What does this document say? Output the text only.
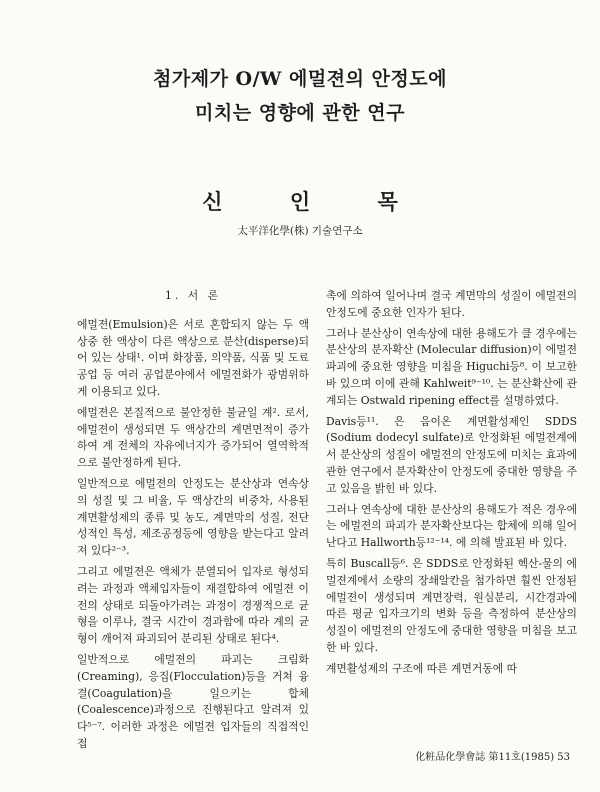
첨가제가 O/W 에멀젼의 안정도에
미치는 영향에 관한 연구
신 인 목
太平洋化學(株) 기술연구소

1. 서 론

에멀젼(Emulsion)은 서로 혼합되지 않는 두 액상중 한 액상이 다른 액상으로 분산(disperse)되어 있는 상태¹. 이며 화장품, 의약품, 식품 및 도료공업 등 여러 공업분야에서 에멀젼화가 광범위하게 이용되고 있다.

에멀젼은 본질적으로 불안정한 불균일 계². 로서, 에멀젼이 생성되면 두 액상간의 계면면적이 증가하여 계 전체의 자유에너지가 증가되어 열역학적으로 불안정하게 된다.

일반적으로 에멀젼의 안정도는 분산상과 연속상의 성질 및 그 비율, 두 액상간의 비중차, 사용된 계면활성제의 종류 및 농도, 계면막의 성질, 전단성적인 특성, 제조공정등에 영향을 받는다고 알려져 있다²⁻³.

그리고 에멀젼은 액체가 분열되어 입자로 형성되려는 과정과 액체입자들이 재결합하여 에멀젼 이전의 상태로 되돌아가려는 과정이 경쟁적으로 균형을 이루나, 결국 시간이 경과함에 따라 계의 균형이 깨어져 파괴되어 분리된 상태로 된다⁴.

일반적으로 에멀젼의 파괴는 크림화(Creaming), 응집(Flocculation)등을 거쳐 융결(Coagulation)을 일으키는 합체(Coalescence)과정으로 진행된다고 알려져 있다⁵⁻⁷. 이러한 과정은 에멀젼 입자들의 직접적인 접

촉에 의하여 일어나며 결국 계면막의 성질이 에멀젼의 안정도에 중요한 인자가 된다.

그러나 분산상이 연속상에 대한 용해도가 클 경우에는 분산상의 분자확산 (Molecular diffusion)이 에멀젼 파괴에 중요한 영향을 미침을 Higuchi등⁸. 이 보고한 바 있으며 이에 관해 Kahlweit⁹⁻¹⁰. 는 분산확산에 관계되는 Ostwald ripening effect를 설명하였다.

Davis등¹¹. 은 음이온 계면활성제인 SDDS (Sodium dodecyl sulfate)로 안정화된 에멀젼계에서 분산상의 성질이 에멀젼의 안정도에 미치는 효과에 관한 연구에서 분자확산이 안정도에 중대한 영향을 주고 있음을 밝힌 바 있다.

그러나 연속상에 대한 분산상의 용해도가 적은 경우에는 에멀젼의 파괴가 분자확산보다는 합체에 의해 일어난다고 Hallworth등¹²⁻¹⁴. 에 의해 발표된 바 있다.

특히 Buscall등⁶. 은 SDDS로 안정화된 헥산-물의 에멀젼계에서 소량의 장쇄알칸을 첨가하면 훨씬 안정된 에멀젼이 생성되며 계면장력, 원심분리, 시간경과에 따른 평균 입자크기의 변화 등을 측정하여 분산상의 성질이 에멀젼의 안정도에 중대한 영향을 미침을 보고한 바 있다.

계면활성제의 구조에 따른 계면거동에 따

化粧品化學會誌 第11호(1985) 53
